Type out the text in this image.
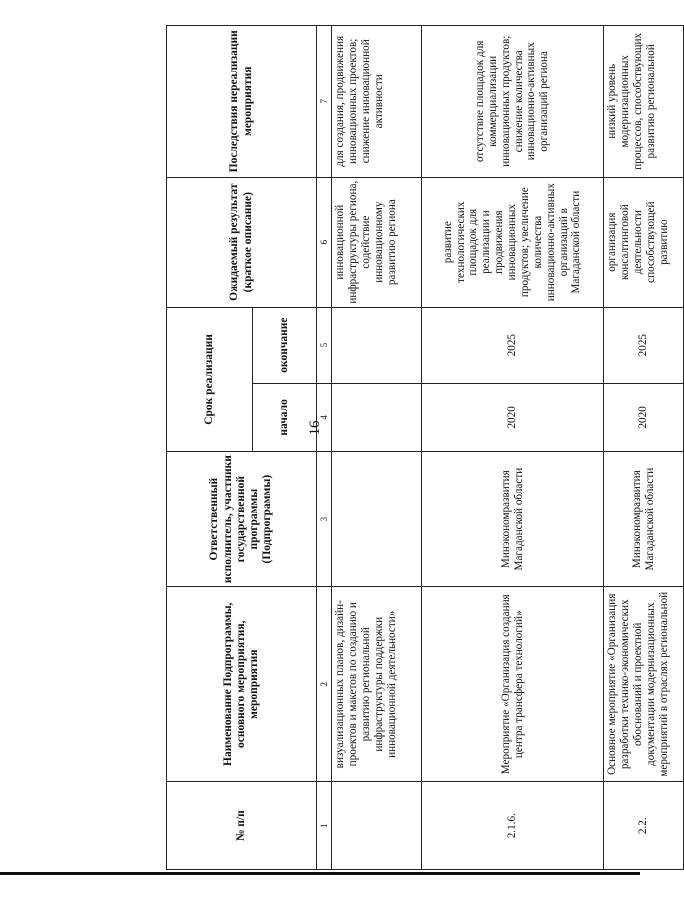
16
№ п/п	Наименование Подпрограммы, основного мероприятия, мероприятия	Ответственный исполнитель, участники государственной программы (Подпрограммы)	Срок реализации		Ожидаемый результат (краткое описание)	Последствия нереализации мероприятия
			начало	окончание		
1	2	3	4	5	6	7
	визуализационных планов, дизайн-проектов и макетов по созданию и развитию региональной инфраструктуры поддержки инновационной деятельности»				инновационной инфраструктуры региона, содействие инновационному развитию региона	для создания, продвижения инновационных проектов; снижение инновационной активности
2.1.6.	Мероприятие «Организация создания центра трансфера технологий»	Минэкономразвития Магаданской области	2020	2025	развитие технологических площадок для реализации и продвижения инновационных продуктов; увеличение количества инновационно-активных организаций в Магаданской области	отсутствие площадок для коммерциализации инновационных продуктов; снижение количества инновационно-активных организаций региона
2.2.	Основное мероприятие «Организация разработки технико-экономических обоснований и проектной документации модернизационных мероприятий в отраслях региональной	Минэкономразвития Магаданской области	2020	2025	организация консалтинговой деятельности способствующей развитию	низкий уровень модернизационных процессов, способствующих развитию региональной
